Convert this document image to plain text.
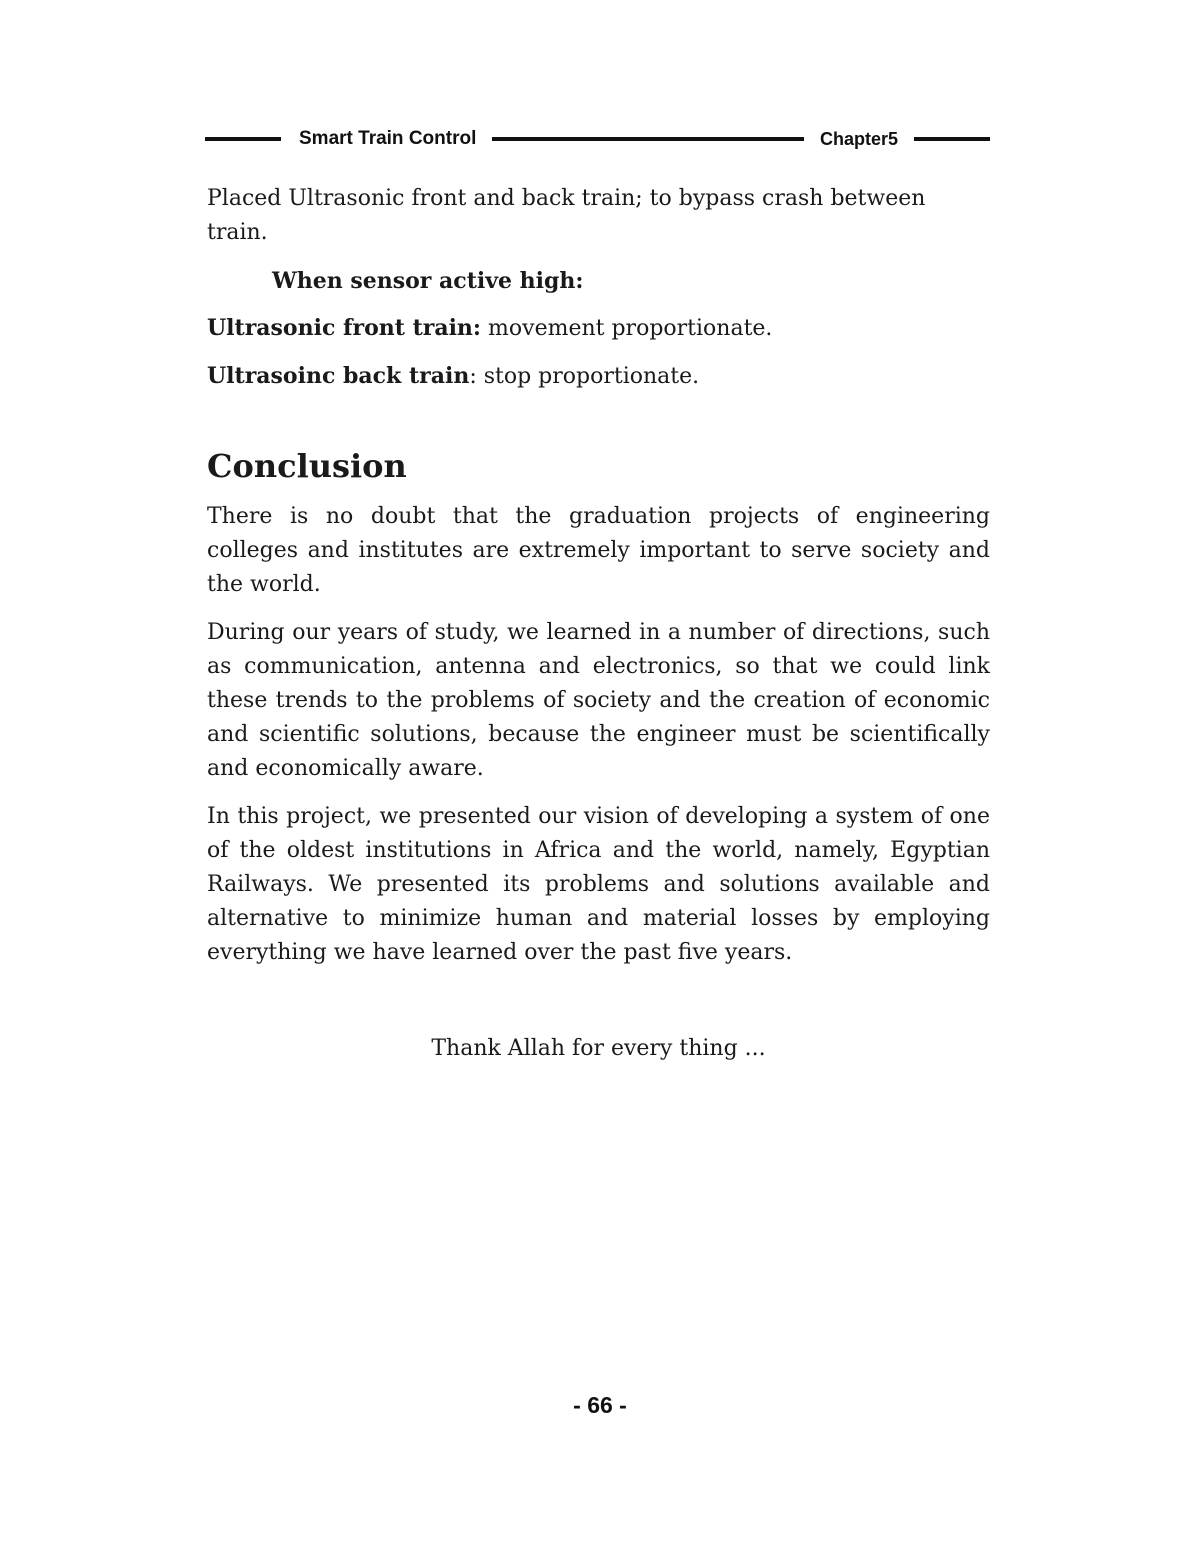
Smart Train Control	Chapter5

Placed Ultrasonic front and back train; to bypass crash between train.

When sensor active high:

Ultrasonic front train: movement proportionate.

Ultrasoinc back train: stop proportionate.

Conclusion

There is no doubt that the graduation projects of engineering colleges and institutes are extremely important to serve society and the world.

During our years of study, we learned in a number of directions, such as communication, antenna and electronics, so that we could link these trends to the problems of society and the creation of economic and scientific solutions, because the engineer must be scientifically and economically aware.

In this project, we presented our vision of developing a system of one of the oldest institutions in Africa and the world, namely, Egyptian Railways. We presented its problems and solutions available and alternative to minimize human and material losses by employing everything we have learned over the past five years.

Thank Allah for every thing ...

- 66 -
